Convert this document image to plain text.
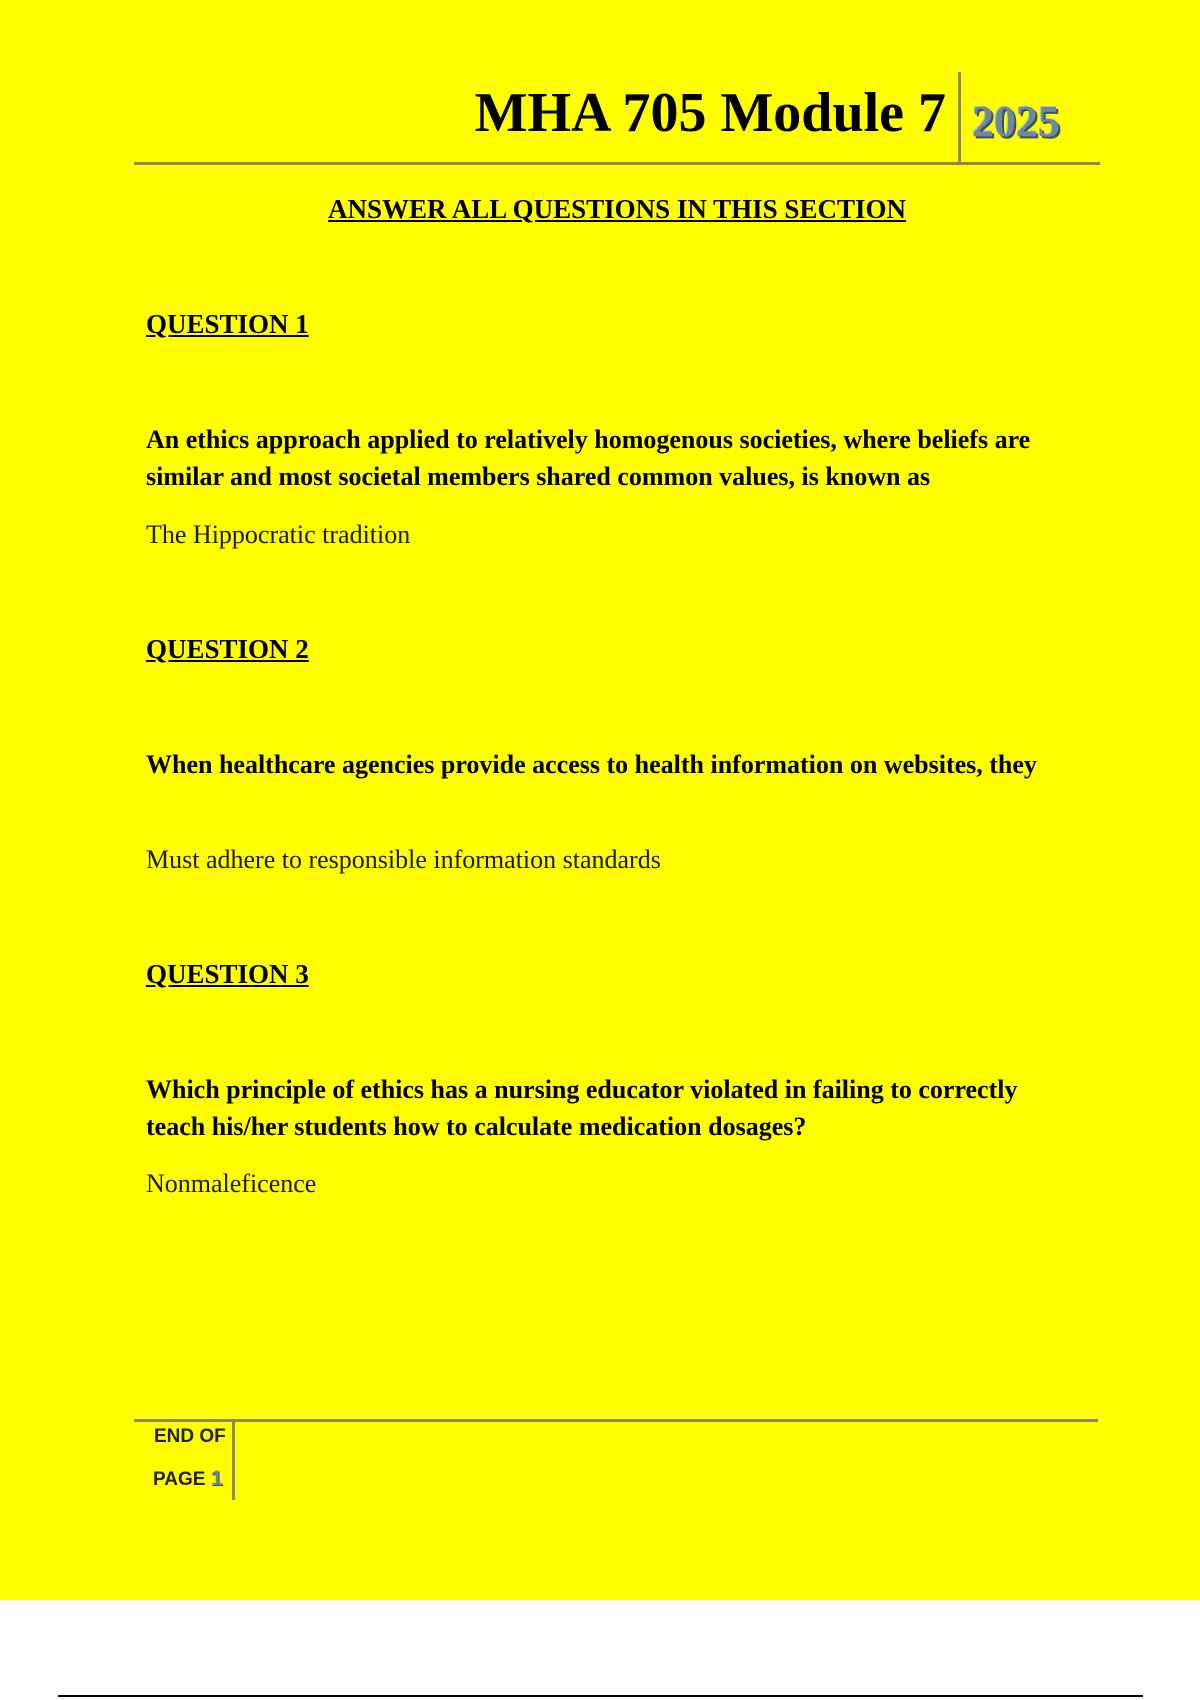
MHA 705 Module 7 2025
ANSWER ALL QUESTIONS IN THIS SECTION
QUESTION 1
An ethics approach applied to relatively homogenous societies, where beliefs are similar and most societal members shared common values, is known as
The Hippocratic tradition
QUESTION 2
When healthcare agencies provide access to health information on websites, they
Must adhere to responsible information standards
QUESTION 3
Which principle of ethics has a nursing educator violated in failing to correctly teach his/her students how to calculate medication dosages?
Nonmaleficence
END OF
PAGE 1
